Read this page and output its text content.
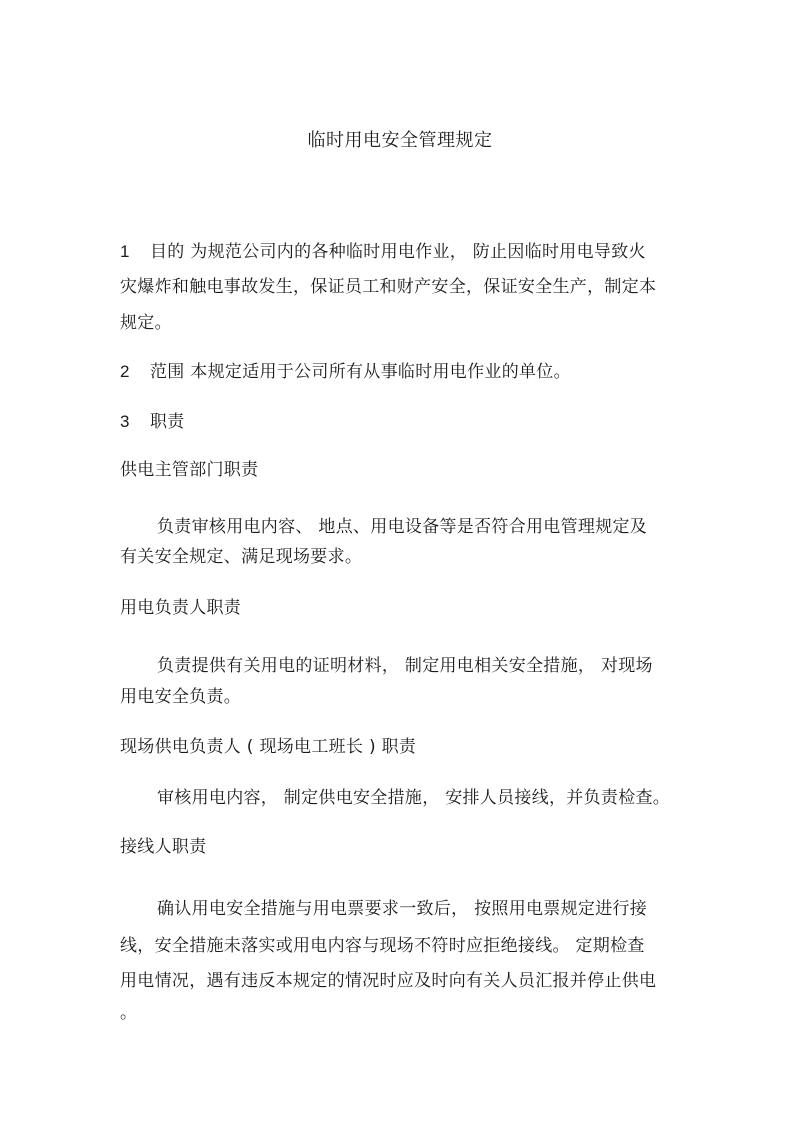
临时用电安全管理规定
1 目的 为规范公司内的各种临时用电作业， 防止因临时用电导致火
灾爆炸和触电事故发生，保证员工和财产安全，保证安全生产，制定本
规定。
2 范围 本规定适用于公司所有从事临时用电作业的单位。
3 职责
供电主管部门职责
负责审核用电内容、 地点、用电设备等是否符合用电管理规定及
有关安全规定、满足现场要求。
用电负责人职责
负责提供有关用电的证明材料， 制定用电相关安全措施， 对现场
用电安全负责。
现场供电负责人 ( 现场电工班长 ) 职责
审核用电内容， 制定供电安全措施， 安排人员接线，并负责检查。
接线人职责
确认用电安全措施与用电票要求一致后， 按照用电票规定进行接
线，安全措施未落实或用电内容与现场不符时应拒绝接线。 定期检查
用电情况，遇有违反本规定的情况时应及时向有关人员汇报并停止供电
。
